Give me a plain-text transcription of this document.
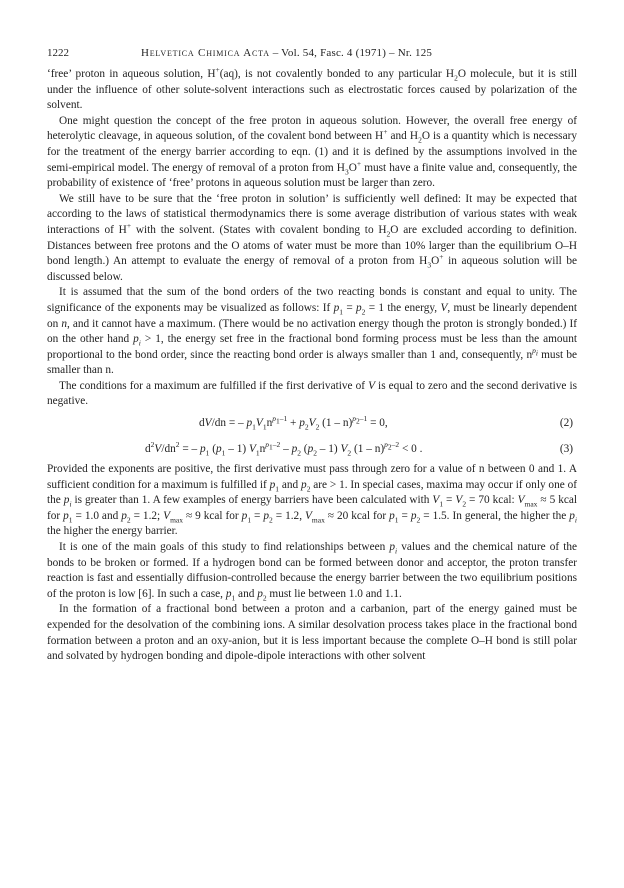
1222	Helvetica Chimica Acta – Vol. 54, Fasc. 4 (1971) – Nr. 125

‘free’ proton in aqueous solution, H+(aq), is not covalently bonded to any particular $H_2O$ molecule, but it is still under the influence of other solute-solvent interactions such as electrostatic forces caused by polarization of the solvent.

One might question the concept of the free proton in aqueous solution. However, the overall free energy of heterolytic cleavage, in aqueous solution, of the covalent bond between H+ and $H_2O$ is a quantity which is necessary for the treatment of the energy barrier according to eqn. (1) and it is defined by the assumptions involved in the semi-empirical model. The energy of removal of a proton from $H_3O^+$ must have a finite value and, consequently, the probability of existence of ‘free’ protons in aqueous solution must be larger than zero.

We still have to be sure that the ‘free proton in solution’ is sufficiently well defined: It may be expected that according to the laws of statistical thermodynamics there is some average distribution of various states with weak interactions of H+ with the solvent. (States with covalent bonding to $H_2O$ are excluded according to definition. Distances between free protons and the O atoms of water must be more than 10% larger than the equilibrium O–H bond length.) An attempt to evaluate the energy of removal of a proton from $H_3O^+$ in aqueous solution will be discussed below.

It is assumed that the sum of the bond orders of the two reacting bonds is constant and equal to unity. The significance of the exponents may be visualized as follows: If $p_1 = p_2 = 1$ the energy, V, must be linearly dependent on n, and it cannot have a maximum. (There would be no activation energy though the proton is strongly bonded.) If on the other hand $p_i > 1$, the energy set free in the fractional bond forming process must be less than the amount proportional to the bond order, since the reacting bond order is always smaller than 1 and, consequently, $n^{p_i}$ must be smaller than n.

The conditions for a maximum are fulfilled if the first derivative of V is equal to zero and the second derivative is negative.

dV/dn = – $p_1V_1n^{p_1-1} + p_2V_2$ (1 – n)$^{p_2-1}$ = 0,	(2)
$d^2V/dn^2$ = – $p_1$ $(p_1 - 1)$ $V_1n^{p_1-2} - p_2$ $(p_2 - 1)$ $V_2$ (1 – n)$^{p_2-2}$ < 0 .	(3)

Provided the exponents are positive, the first derivative must pass through zero for a value of n between 0 and 1. A sufficient condition for a maximum is fulfilled if $p_1$ and $p_2$ are > 1. In special cases, maxima may occur if only one of the $p_i$ is greater than 1. A few examples of energy barriers have been calculated with $V_1 = V_2 = 70$ kcal: $V_{max} \approx 5$ kcal for $p_1 = 1.0$ and $p_2 = 1.2$; $V_{max} \approx 9$ kcal for $p_1 = p_2 = 1.2$, $V_{max} \approx 20$ kcal for $p_1 = p_2 = 1.5$. In general, the higher the $p_i$ the higher the energy barrier.

It is one of the main goals of this study to find relationships between $p_i$ values and the chemical nature of the bonds to be broken or formed. If a hydrogen bond can be formed between donor and acceptor, the proton transfer reaction is fast and essentially diffusion-controlled because the energy barrier between the two equilibrium positions of the proton is low [6]. In such a case, $p_1$ and $p_2$ must lie between 1.0 and 1.1.

In the formation of a fractional bond between a proton and a carbanion, part of the energy gained must be expended for the desolvation of the combining ions. A similar desolvation process takes place in the fractional bond formation between a proton and an oxy-anion, but it is less important because the complete O–H bond is still polar and solvated by hydrogen bonding and dipole-dipole interactions with other solvent
